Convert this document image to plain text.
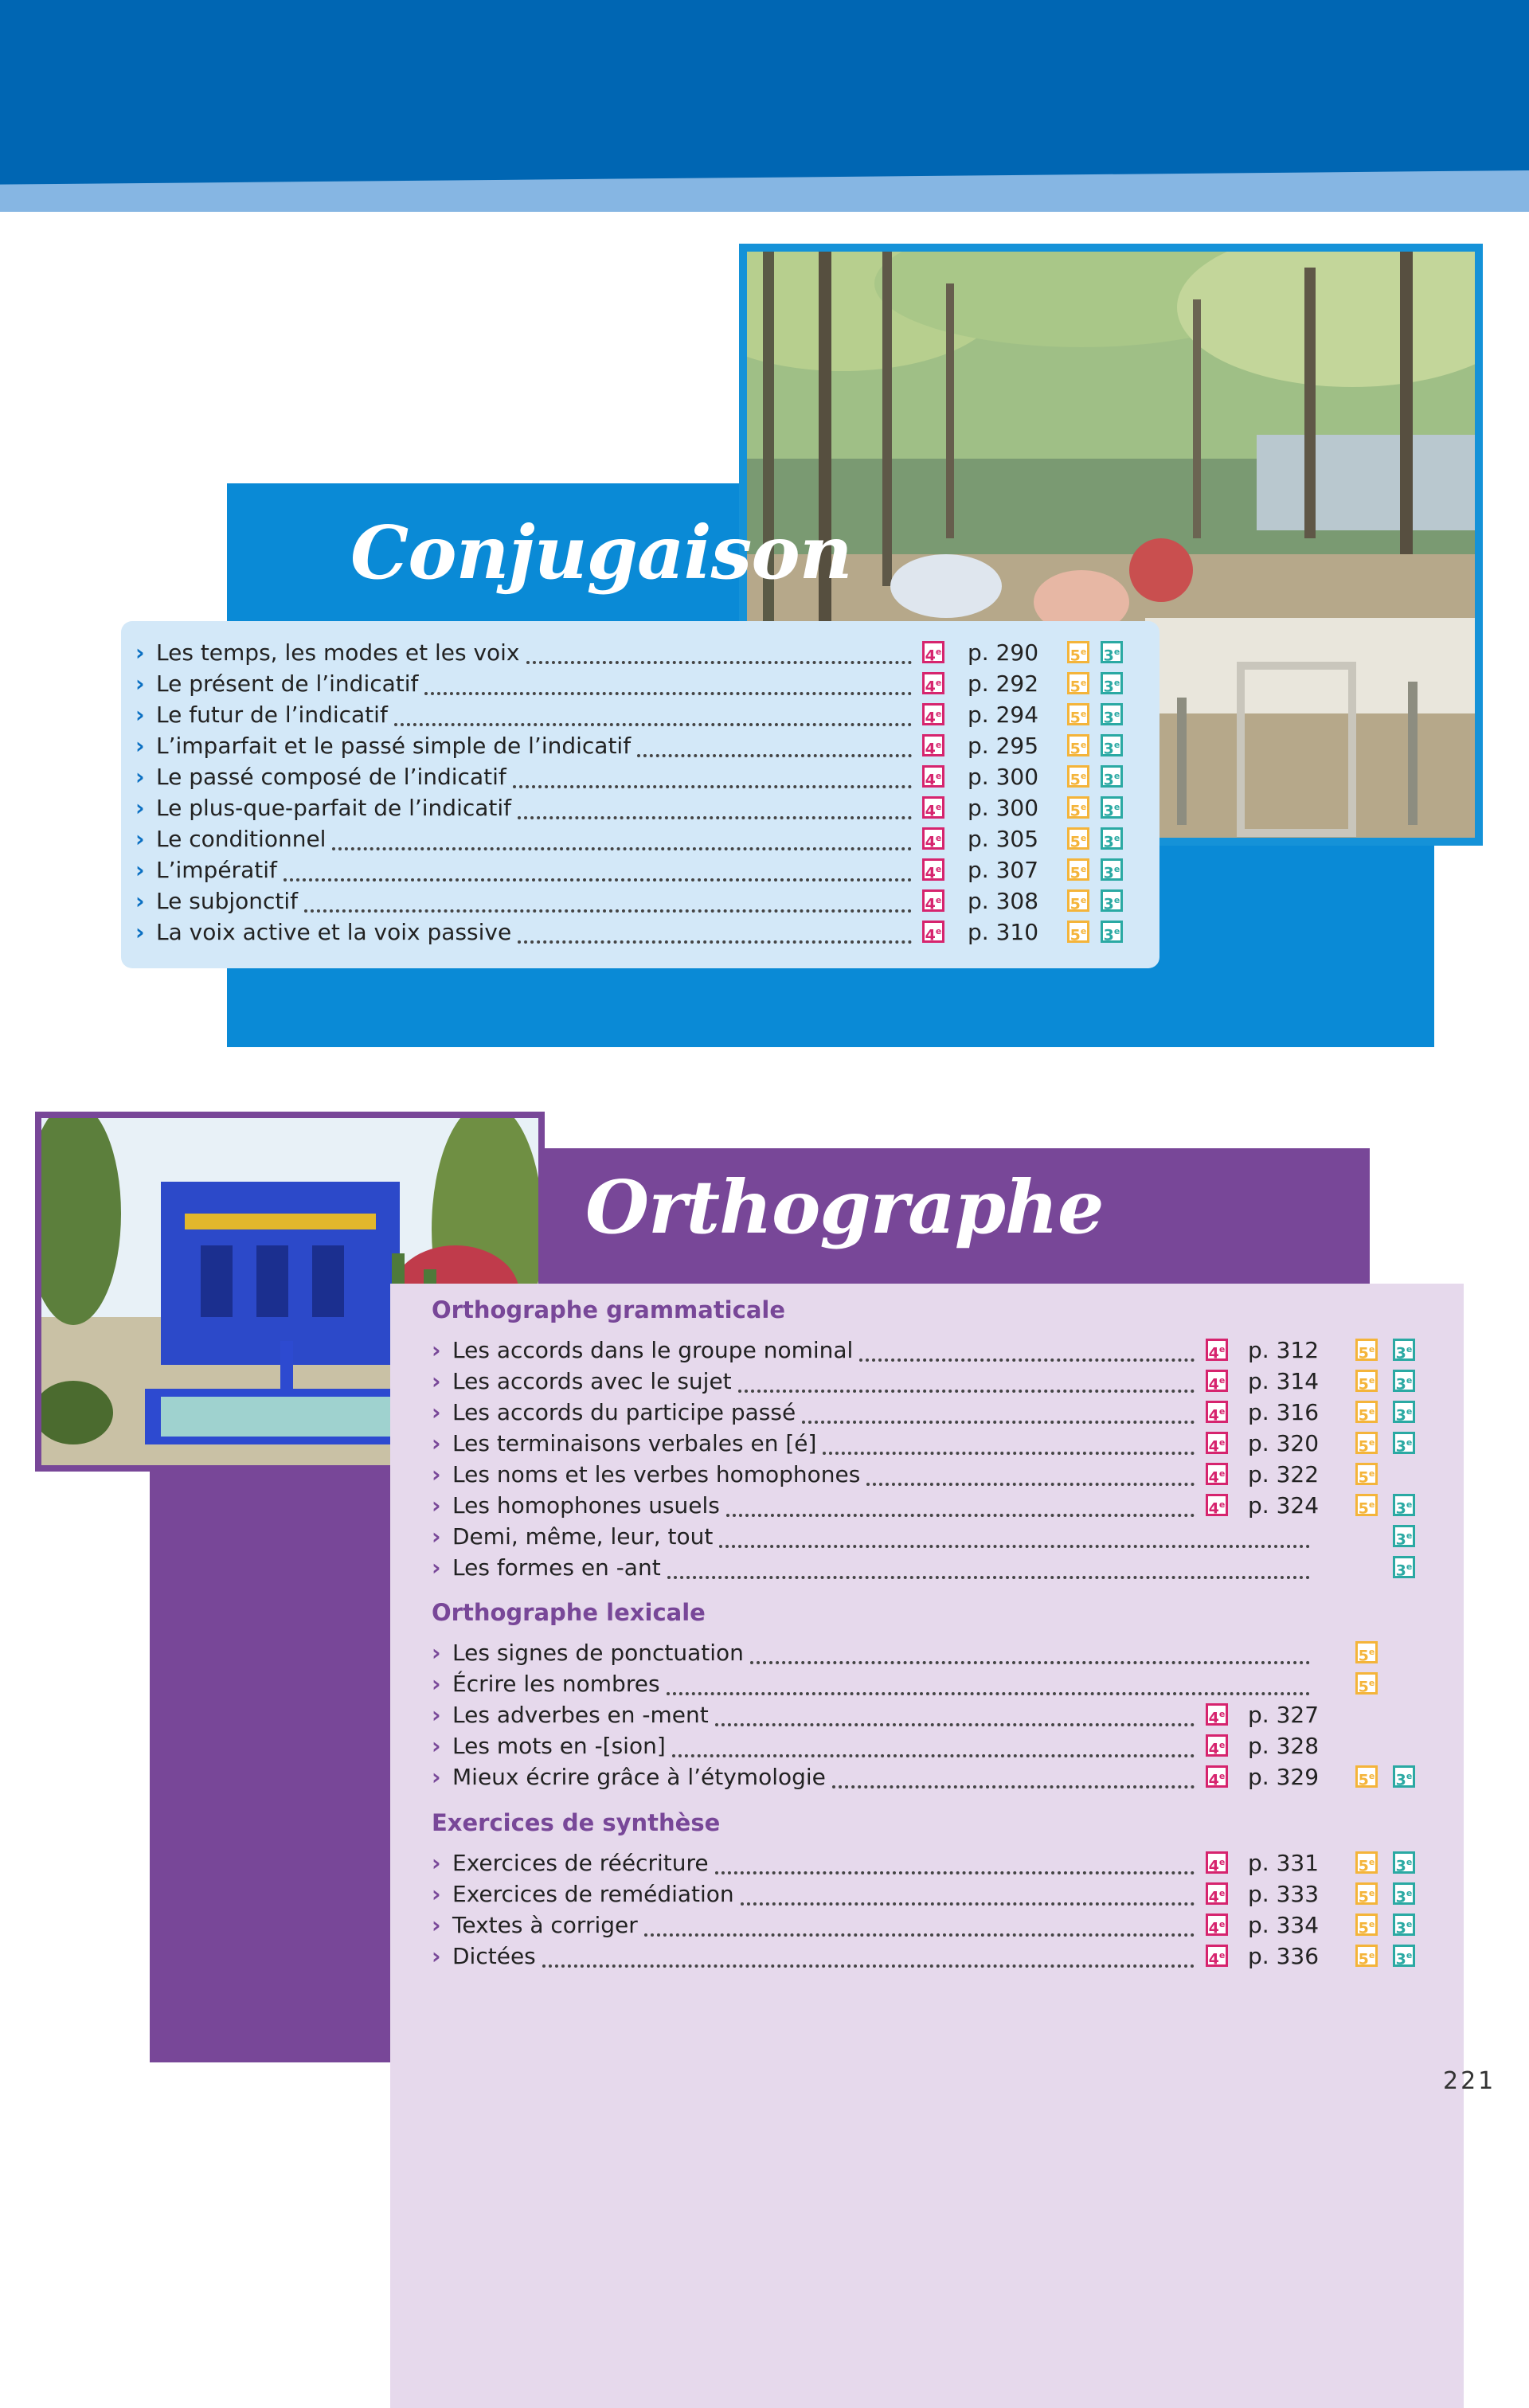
Conjugaison
› Les temps, les modes et les voix	4e p. 290 5e 3e
› Le présent de l’indicatif	4e p. 292 5e 3e
› Le futur de l’indicatif	4e p. 294 5e 3e
› L’imparfait et le passé simple de l’indicatif	4e p. 295 5e 3e
› Le passé composé de l’indicatif	4e p. 300 5e 3e
› Le plus-que-parfait de l’indicatif	4e p. 300 5e 3e
› Le conditionnel	4e p. 305 5e 3e
› L’impératif	4e p. 307 5e 3e
› Le subjonctif	4e p. 308 5e 3e
› La voix active et la voix passive	4e p. 310 5e 3e
Orthographe
Orthographe grammaticale
› Les accords dans le groupe nominal	4e p. 312	5e 3e
› Les accords avec le sujet	4e p. 314	5e 3e
› Les accords du participe passé	4e p. 316	5e 3e
› Les terminaisons verbales en [é]	4e p. 320	5e 3e
› Les noms et les verbes homophones	4e p. 322	5e
› Les homophones usuels	4e p. 324	5e 3e
› Demi, même, leur, tout	3e
› Les formes en -ant	3e
Orthographe lexicale
› Les signes de ponctuation	5e
› Écrire les nombres	5e
› Les adverbes en -ment	4e p. 327
› Les mots en -[sion]	4e p. 328
› Mieux écrire grâce à l’étymologie	4e p. 329	5e 3e
Exercices de synthèse
› Exercices de réécriture	4e p. 331	5e 3e
› Exercices de remédiation	4e p. 333	5e 3e
› Textes à corriger	4e p. 334	5e 3e
› Dictées	4e p. 336	5e 3e
221
